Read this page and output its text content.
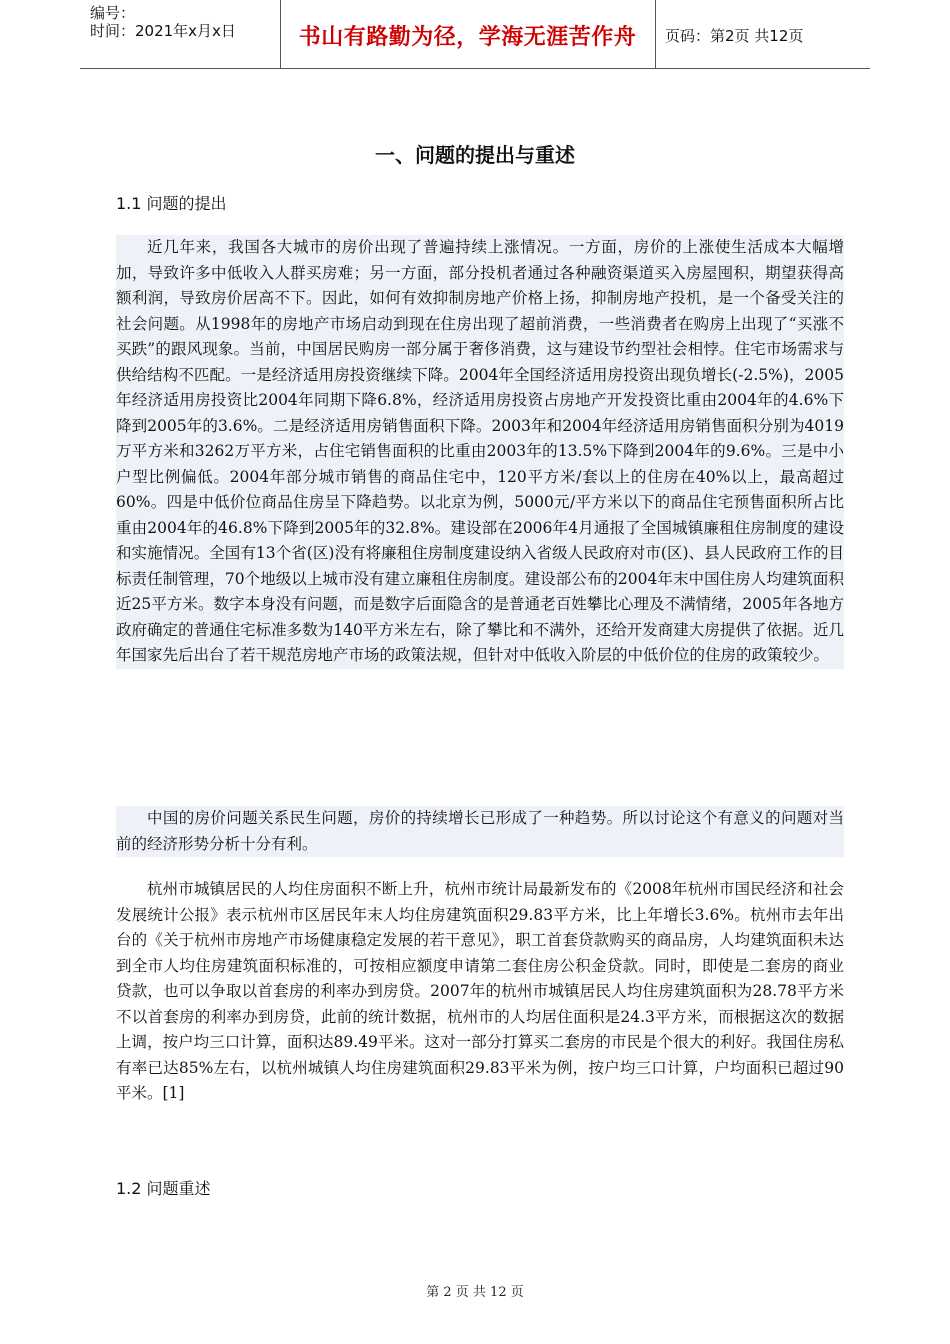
编号：
时间：2021年x月x日	书山有路勤为径，学海无涯苦作舟	页码：第2页 共12页
一、问题的提出与重述
1.1 问题的提出

近几年来，我国各大城市的房价出现了普遍持续上涨情况。一方面，房价的上涨使生活成本大幅增加，导致许多中低收入人群买房难；另一方面，部分投机者通过各种融资渠道买入房屋囤积，期望获得高额利润，导致房价居高不下。因此，如何有效抑制房地产价格上扬，抑制房地产投机，是一个备受关注的社会问题。从1998年的房地产市场启动到现在住房出现了超前消费，一些消费者在购房上出现了“买涨不买跌”的跟风现象。当前，中国居民购房一部分属于奢侈消费，这与建设节约型社会相悖。住宅市场需求与供给结构不匹配。一是经济适用房投资继续下降。2004年全国经济适用房投资出现负增长(-2.5%)，2005年经济适用房投资比2004年同期下降6.8%，经济适用房投资占房地产开发投资比重由2004年的4.6%下降到2005年的3.6%。二是经济适用房销售面积下降。2003年和2004年经济适用房销售面积分别为4019万平方米和3262万平方米，占住宅销售面积的比重由2003年的13.5%下降到2004年的9.6%。三是中小户型比例偏低。2004年部分城市销售的商品住宅中，120平方米/套以上的住房在40%以上，最高超过60%。四是中低价位商品住房呈下降趋势。以北京为例，5000元/平方米以下的商品住宅预售面积所占比重由2004年的46.8%下降到2005年的32.8%。建设部在2006年4月通报了全国城镇廉租住房制度的建设和实施情况。全国有13个省(区)没有将廉租住房制度建设纳入省级人民政府对市(区)、县人民政府工作的目标责任制管理，70个地级以上城市没有建立廉租住房制度。建设部公布的2004年末中国住房人均建筑面积近25平方米。数字本身没有问题，而是数字后面隐含的是普通老百姓攀比心理及不满情绪，2005年各地方政府确定的普通住宅标准多数为140平方米左右，除了攀比和不满外，还给开发商建大房提供了依据。近几年国家先后出台了若干规范房地产市场的政策法规，但针对中低收入阶层的中低价位的住房的政策较少。

中国的房价问题关系民生问题，房价的持续增长已形成了一种趋势。所以讨论这个有意义的问题对当前的经济形势分析十分有利。

杭州市城镇居民的人均住房面积不断上升，杭州市统计局最新发布的《2008年杭州市国民经济和社会发展统计公报》表示杭州市区居民年末人均住房建筑面积29.83平方米，比上年增长3.6%。杭州市去年出台的《关于杭州市房地产市场健康稳定发展的若干意见》，职工首套贷款购买的商品房，人均建筑面积未达到全市人均住房建筑面积标准的，可按相应额度申请第二套住房公积金贷款。同时，即使是二套房的商业贷款，也可以争取以首套房的利率办到房贷。2007年的杭州市城镇居民人均住房建筑面积为28.78平方米不以首套房的利率办到房贷，此前的统计数据，杭州市的人均居住面积是24.3平方米，而根据这次的数据上调，按户均三口计算，面积达89.49平米。这对一部分打算买二套房的市民是个很大的利好。我国住房私有率已达85%左右，以杭州城镇人均住房建筑面积29.83平米为例，按户均三口计算，户均面积已超过90平米。[1]

1.2 问题重述
第 2 页 共 12 页
